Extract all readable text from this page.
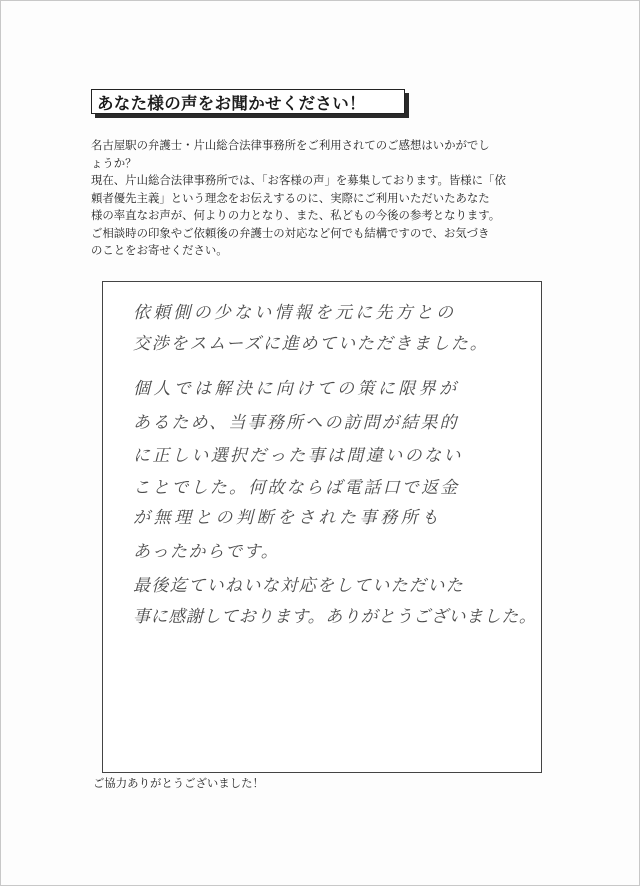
あなた様の声をお聞かせください！

名古屋駅の弁護士・片山総合法律事務所をご利用されてのご感想はいかがでし

ょうか？

現在、片山総合法律事務所では、「お客様の声」を募集しております。皆様に「依

頼者優先主義」という理念をお伝えするのに、実際にご利用いただいたあなた

様の率直なお声が、何よりの力となり、また、私どもの今後の参考となります。

ご相談時の印象やご依頼後の弁護士の対応など何でも結構ですので、お気づき

のことをお寄せください。

依頼側の少ない情報を元に先方との

交渉をスムーズに進めていただきました。

個人では解決に向けての策に限界が

あるため、当事務所への訪問が結果的

に正しい選択だった事は間違いのない

ことでした。何故ならば電話口で返金

が無理との判断をされた事務所も

あったからです。

最後迄ていねいな対応をしていただいた

事に感謝しております。ありがとうございました。

ご協力ありがとうございました！
